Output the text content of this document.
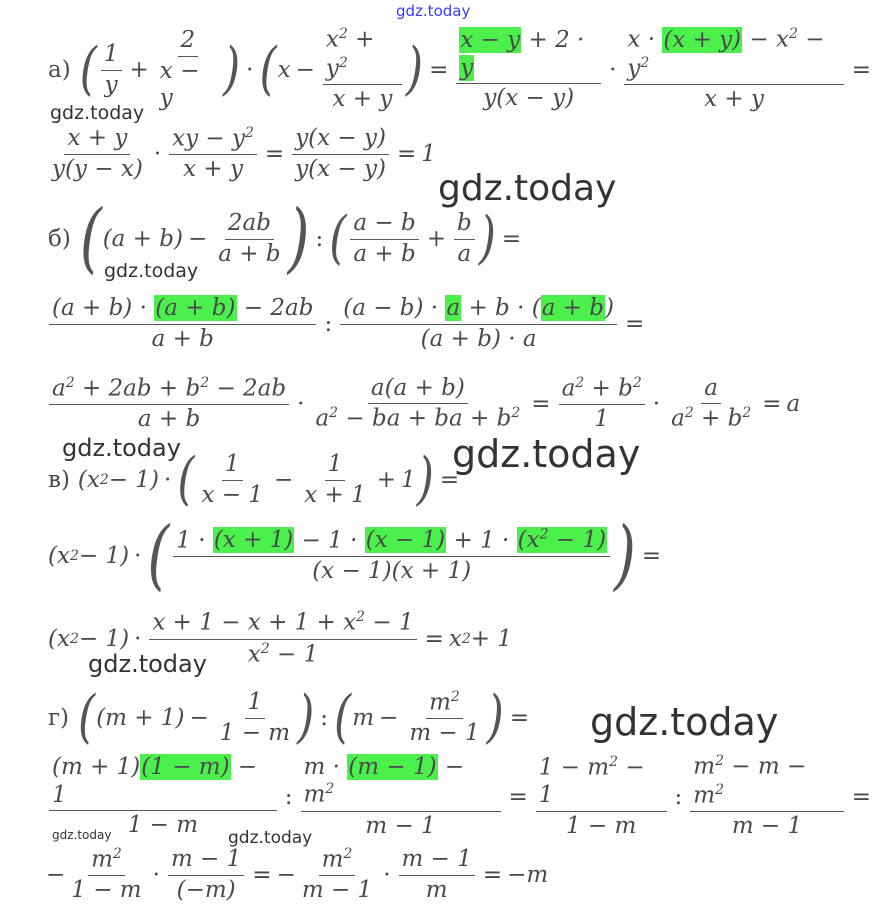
gdz.today
gdz.today
gdz.today
gdz.today
gdz.today	gdz.today
gdz.today
gdz.today
gdz.today	gdz.today
а) ( $\frac{1}{y} + \frac{2}{x - y}$ ) · ( $x - \frac{x^2 + y^2}{x + y}$ ) = $\frac{x - y + 2 \cdot y}{y(x - y)} \cdot \frac{x \cdot (x + y) - x^2 - y^2}{x + y}$ =
$\frac{x + y}{y(y - x)} \cdot \frac{xy - y^2}{x + y} = \frac{y(x - y)}{y(x - y)} = 1$
б) ( $(a + b) - \frac{2ab}{a + b}$ ) : ( $\frac{a - b}{a + b} + \frac{b}{a}$ ) =
$\frac{(a + b) \cdot (a + b) - 2ab}{a + b}$ : $\frac{(a - b) \cdot a + b \cdot (a + b)}{(a + b) \cdot a}$ =
$\frac{a^2 + 2ab + b^2 - 2ab}{a + b} \cdot \frac{a(a + b)}{a^2 - ba + ba + b^2} = \frac{a^2 + b^2}{1} \cdot \frac{a}{a^2 + b^2} = a$
в) (x 2 − 1) · ( $\frac{1}{x - 1} - \frac{1}{x + 1} + 1$ ) =
(x 2 − 1) · ( $\frac{1 \cdot (x + 1) - 1 \cdot (x - 1) + 1 \cdot (x^2 - 1)}{(x - 1)(x + 1)}$ ) =
(x $2 - 1) \cdot \frac{x + 1 - x + 1 + x^2 - 1}{x^2 - 1} = x$ 2 + 1
г) ( $(m + 1) - \frac{1}{1 - m}$ ) : ( $m - \frac{m^2}{m - 1}$ ) =
$\frac{(m + 1)(1 - m) - 1}{1 - m}$ : $\frac{m \cdot (m - 1) - m^2}{m - 1} = \frac{1 - m^2 - 1}{1 - m}$ : $\frac{m^2 - m - m^2}{m - 1}$ =
− $\frac{m^2}{1 - m} \cdot \frac{m - 1}{(-m)}$ = − $\frac{m^2}{m - 1} \cdot \frac{m - 1}{m} = -m$
